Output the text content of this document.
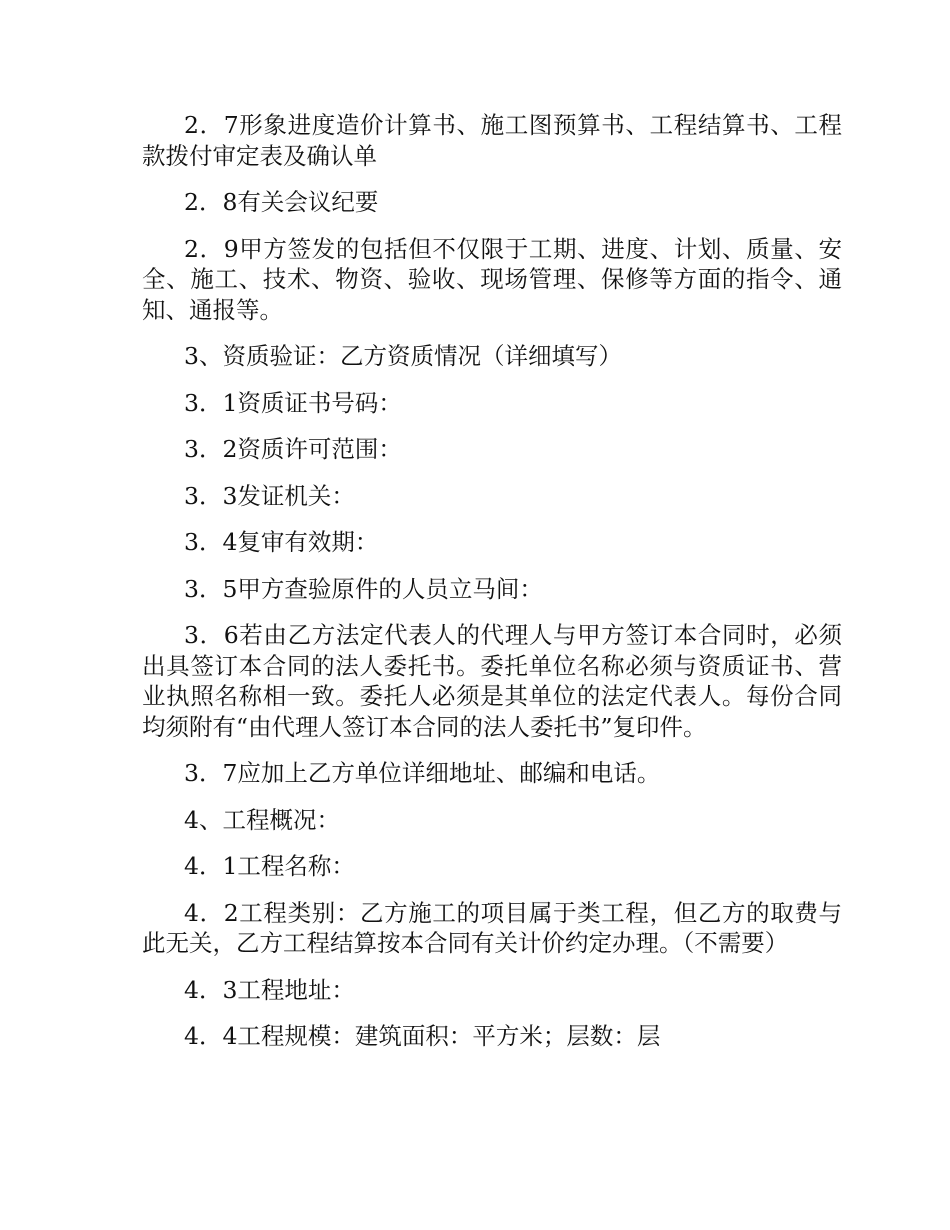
2．7形象进度造价计算书、施工图预算书、工程结算书、工程款拨付审定表及确认单

2．8有关会议纪要

2．9甲方签发的包括但不仅限于工期、进度、计划、质量、安全、施工、技术、物资、验收、现场管理、保修等方面的指令、通知、通报等。

3、资质验证：乙方资质情况（详细填写）

3．1资质证书号码：

3．2资质许可范围：

3．3发证机关：

3．4复审有效期：

3．5甲方查验原件的人员立马间：

3．6若由乙方法定代表人的代理人与甲方签订本合同时，必须出具签订本合同的法人委托书。委托单位名称必须与资质证书、营业执照名称相一致。委托人必须是其单位的法定代表人。每份合同均须附有“由代理人签订本合同的法人委托书”复印件。

3．7应加上乙方单位详细地址、邮编和电话。

4、工程概况：

4．1工程名称：

4．2工程类别：乙方施工的项目属于类工程，但乙方的取费与此无关，乙方工程结算按本合同有关计价约定办理。（不需要）

4．3工程地址：

4．4工程规模：建筑面积：平方米；层数：层
